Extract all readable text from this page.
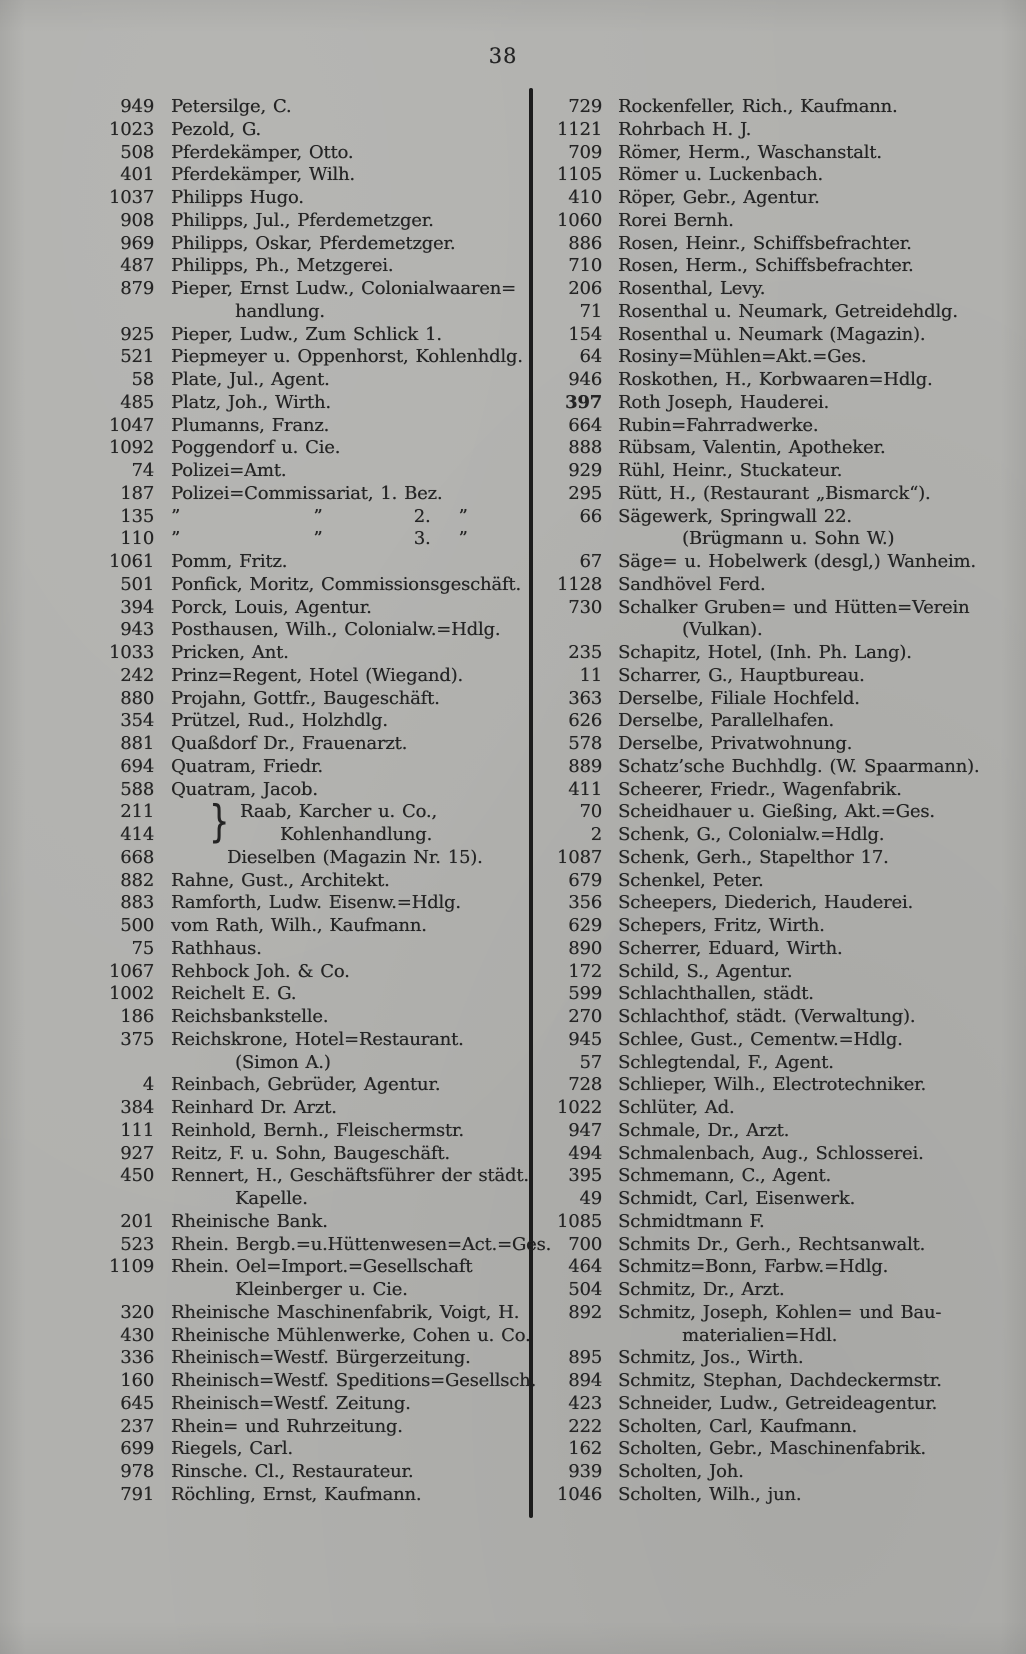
38
949 Petersilge, C.
1023 Pezold, G.
508 Pferdekämper, Otto.
401 Pferdekämper, Wilh.
1037 Philipps Hugo.
908 Philipps, Jul., Pferdemetzger.
969 Philipps, Oskar, Pferdemetzger.
487 Philipps, Ph., Metzgerei.
879 Pieper, Ernst Ludw., Colonialwaaren=
handlung.
925 Pieper, Ludw., Zum Schlick 1.
521 Piepmeyer u. Oppenhorst, Kohlenhdlg.
58 Plate, Jul., Agent.
485 Platz, Joh., Wirth.
1047 Plumanns, Franz.
1092 Poggendorf u. Cie.
74 Polizei=Amt.
187 Polizei=Commissariat, 1. Bez.
135 ”                   ”             2.    ”
110 ”                   ”             3.    ”
1061 Pomm, Fritz.
501 Ponfick, Moritz, Commissionsgeschäft.
394 Porck, Louis, Agentur.
943 Posthausen, Wilh., Colonialw.=Hdlg.
1033 Pricken, Ant.
242 Prinz=Regent, Hotel (Wiegand).
880 Projahn, Gottfr., Baugeschäft.
354 Prützel, Rud., Holzhdlg.
881 Quaßdorf Dr., Frauenarzt.
694 Quatram, Friedr.
588 Quatram, Jacob.
211 } Raab, Karcher u. Co.,
414	Kohlenhandlung.
668	Dieselben (Magazin Nr. 15).
882 Rahne, Gust., Architekt.
883 Ramforth, Ludw. Eisenw.=Hdlg.
500 vom Rath, Wilh., Kaufmann.
75 Rathhaus.
1067 Rehbock Joh. & Co.
1002 Reichelt E. G.
186 Reichsbankstelle.
375 Reichskrone, Hotel=Restaurant.
(Simon A.)
4 Reinbach, Gebrüder, Agentur.
384 Reinhard Dr. Arzt.
111 Reinhold, Bernh., Fleischermstr.
927 Reitz, F. u. Sohn, Baugeschäft.
450 Rennert, H., Geschäftsführer der städt.
Kapelle.
201 Rheinische Bank.
523 Rhein. Bergb.=u.Hüttenwesen=Act.=Ges.
1109 Rhein. Oel=Import.=Gesellschaft
Kleinberger u. Cie.
320 Rheinische Maschinenfabrik, Voigt, H.
430 Rheinische Mühlenwerke, Cohen u. Co.
336 Rheinisch=Westf. Bürgerzeitung.
160 Rheinisch=Westf. Speditions=Gesellsch.
645 Rheinisch=Westf. Zeitung.
237 Rhein= und Ruhrzeitung.
699 Riegels, Carl.
978 Rinsche. Cl., Restaurateur.
791 Röchling, Ernst, Kaufmann.
729 Rockenfeller, Rich., Kaufmann.
1121 Rohrbach H. J.
709 Römer, Herm., Waschanstalt.
1105 Römer u. Luckenbach.
410 Röper, Gebr., Agentur.
1060 Rorei Bernh.
886 Rosen, Heinr., Schiffsbefrachter.
710 Rosen, Herm., Schiffsbefrachter.
206 Rosenthal, Levy.
71 Rosenthal u. Neumark, Getreidehdlg.
154 Rosenthal u. Neumark (Magazin).
64 Rosiny=Mühlen=Akt.=Ges.
946 Roskothen, H., Korbwaaren=Hdlg.
397 Roth Joseph, Hauderei.
664 Rubin=Fahrradwerke.
888 Rübsam, Valentin, Apotheker.
929 Rühl, Heinr., Stuckateur.
295 Rütt, H., (Restaurant „Bismarck“).
66 Sägewerk, Springwall 22.
(Brügmann u. Sohn W.)
67 Säge= u. Hobelwerk (desgl,) Wanheim.
1128 Sandhövel Ferd.
730 Schalker Gruben= und Hütten=Verein
(Vulkan).
235 Schapitz, Hotel, (Inh. Ph. Lang).
11 Scharrer, G., Hauptbureau.
363 Derselbe, Filiale Hochfeld.
626 Derselbe, Parallelhafen.
578 Derselbe, Privatwohnung.
889 Schatz’sche Buchhdlg. (W. Spaarmann).
411 Scheerer, Friedr., Wagenfabrik.
70 Scheidhauer u. Gießing, Akt.=Ges.
2 Schenk, G., Colonialw.=Hdlg.
1087 Schenk, Gerh., Stapelthor 17.
679 Schenkel, Peter.
356 Scheepers, Diederich, Hauderei.
629 Schepers, Fritz, Wirth.
890 Scherrer, Eduard, Wirth.
172 Schild, S., Agentur.
599 Schlachthallen, städt.
270 Schlachthof, städt. (Verwaltung).
945 Schlee, Gust., Cementw.=Hdlg.
57 Schlegtendal, F., Agent.
728 Schlieper, Wilh., Electrotechniker.
1022 Schlüter, Ad.
947 Schmale, Dr., Arzt.
494 Schmalenbach, Aug., Schlosserei.
395 Schmemann, C., Agent.
49 Schmidt, Carl, Eisenwerk.
1085 Schmidtmann F.
700 Schmits Dr., Gerh., Rechtsanwalt.
464 Schmitz=Bonn, Farbw.=Hdlg.
504 Schmitz, Dr., Arzt.
892 Schmitz, Joseph, Kohlen= und Bau-
materialien=Hdl.
895 Schmitz, Jos., Wirth.
894 Schmitz, Stephan, Dachdeckermstr.
423 Schneider, Ludw., Getreideagentur.
222 Scholten, Carl, Kaufmann.
162 Scholten, Gebr., Maschinenfabrik.
939 Scholten, Joh.
1046 Scholten, Wilh., jun.
